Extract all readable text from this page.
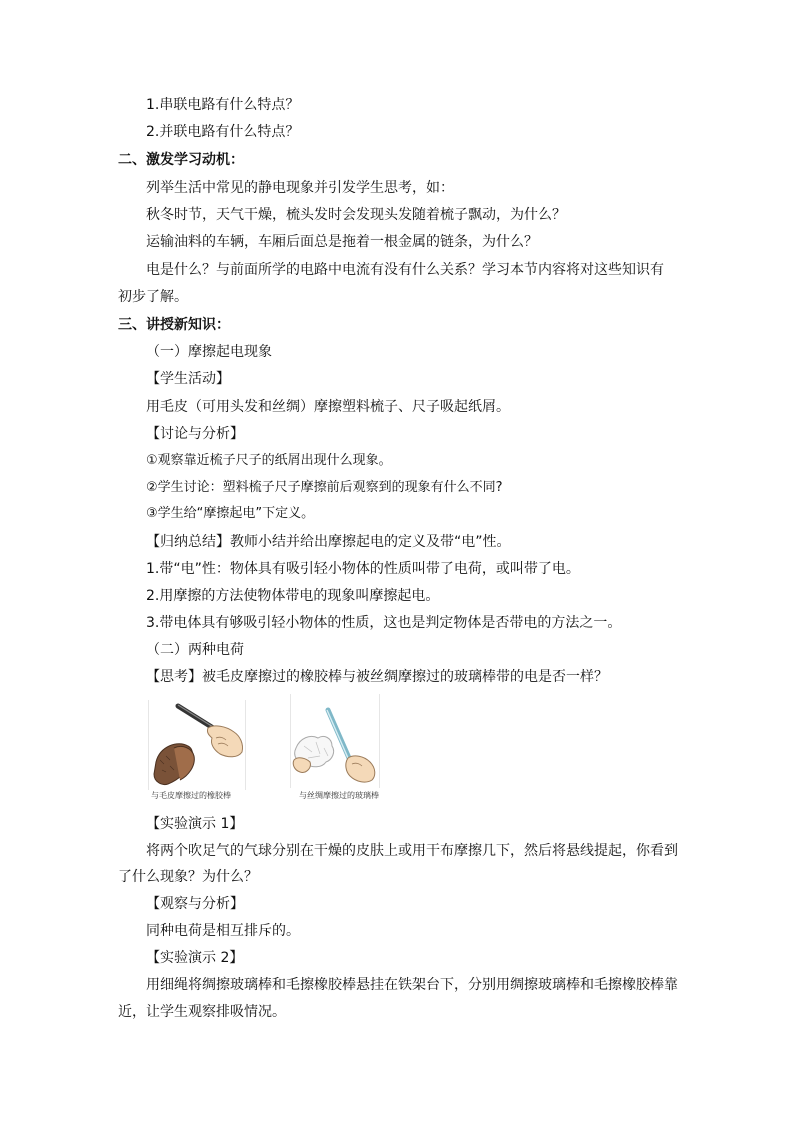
1.串联电路有什么特点？
2.并联电路有什么特点？
二、激发学习动机：
列举生活中常见的静电现象并引发学生思考，如：
秋冬时节，天气干燥，梳头发时会发现头发随着梳子飘动，为什么？
运输油料的车辆，车厢后面总是拖着一根金属的链条，为什么？
电是什么？与前面所学的电路中电流有没有什么关系？学习本节内容将对这些知识有
初步了解。
三、讲授新知识：
（一）摩擦起电现象
【学生活动】
用毛皮（可用头发和丝绸）摩擦塑料梳子、尺子吸起纸屑。
【讨论与分析】
①观察靠近梳子尺子的纸屑出现什么现象。
②学生讨论：塑料梳子尺子摩擦前后观察到的现象有什么不同?
③学生给“摩擦起电”下定义。
【归纳总结】教师小结并给出摩擦起电的定义及带“电”性。
1.带“电”性：物体具有吸引轻小物体的性质叫带了电荷，或叫带了电。
2.用摩擦的方法使物体带电的现象叫摩擦起电。
3.带电体具有够吸引轻小物体的性质，这也是判定物体是否带电的方法之一。
（二）两种电荷
【思考】被毛皮摩擦过的橡胶棒与被丝绸摩擦过的玻璃棒带的电是否一样？
与毛皮摩擦过的橡胶棒	与丝绸摩擦过的玻璃棒
【实验演示 1】
将两个吹足气的气球分别在干燥的皮肤上或用干布摩擦几下，然后将悬线提起，你看到
了什么现象？为什么？
【观察与分析】
同种电荷是相互排斥的。
【实验演示 2】
用细绳将绸擦玻璃棒和毛擦橡胶棒悬挂在铁架台下，分别用绸擦玻璃棒和毛擦橡胶棒靠
近，让学生观察排吸情况。
